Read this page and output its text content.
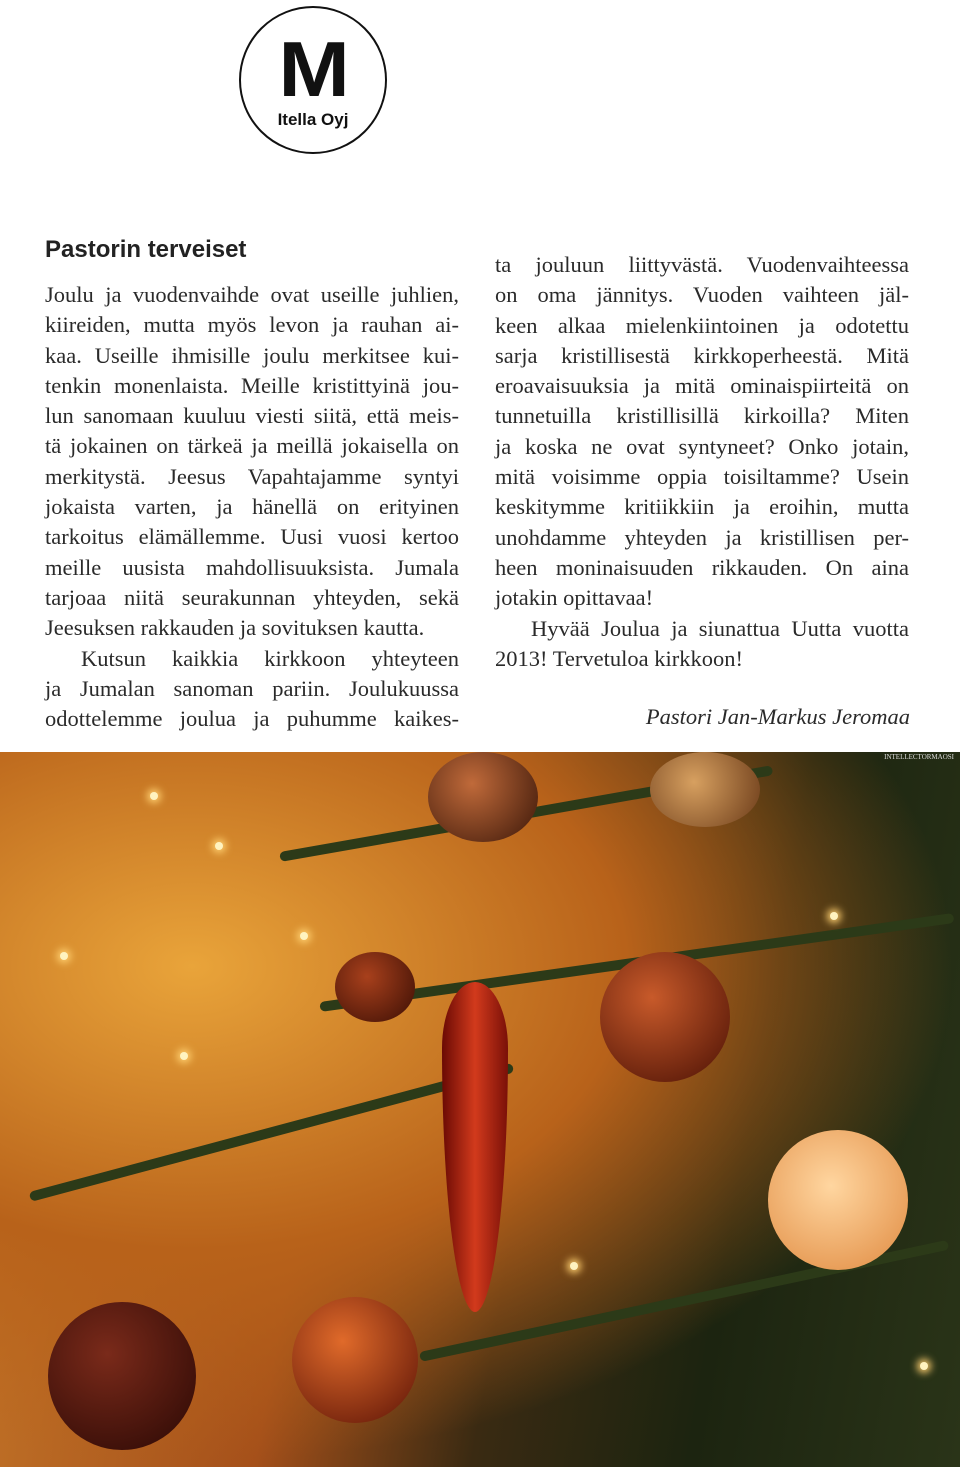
M
Itella Oyj
Pastorin terveiset
Joulu ja vuodenvaihde ovat useille juhlien,
kiireiden, mutta myös levon ja rauhan ai-
kaa. Useille ihmisille joulu merkitsee kui-
tenkin monenlaista. Meille kristittyinä jou-
lun sanomaan kuuluu viesti siitä, että meis-
tä jokainen on tärkeä ja meillä jokaisella on
merkitystä. Jeesus Vapahtajamme syntyi
jokaista varten, ja hänellä on erityinen
tarkoitus elämällemme. Uusi vuosi kertoo
meille uusista mahdollisuuksista. Jumala
tarjoaa niitä seurakunnan yhteyden, sekä
Jeesuksen rakkauden ja sovituksen kautta.
Kutsun kaikkia kirkkoon yhteyteen
ja Jumalan sanoman pariin. Joulukuussa
odottelemme joulua ja puhumme kaikes-
ta jouluun liittyvästä. Vuodenvaihteessa
on oma jännitys. Vuoden vaihteen jäl-
keen alkaa mielenkiintoinen ja odotettu
sarja kristillisestä kirkkoperheestä. Mitä
eroavaisuuksia ja mitä ominaispiirteitä on
tunnetuilla kristillisillä kirkoilla? Miten
ja koska ne ovat syntyneet? Onko jotain,
mitä voisimme oppia toisiltamme? Usein
keskitymme kritiikkiin ja eroihin, mutta
unohdamme yhteyden ja kristillisen per-
heen moninaisuuden rikkauden. On aina
jotakin opittavaa!
Hyvää Joulua ja siunattua Uutta vuotta
2013! Tervetuloa kirkkoon!
Pastori Jan-Markus Jeromaa
INTELLECTORMAOSI
